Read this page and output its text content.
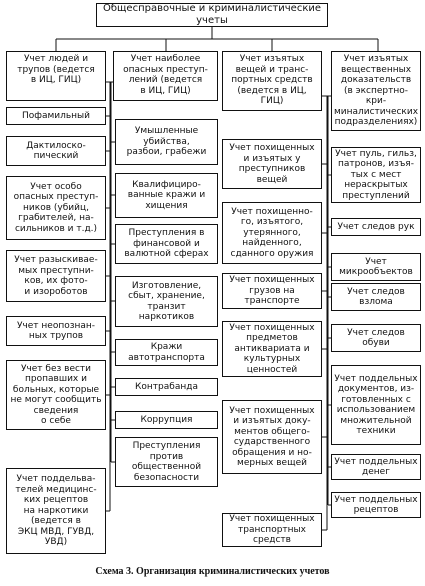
Общесправочные и криминалистические учеты
Учет людей и
трупов (ведется
в ИЦ, ГИЦ)
Пофамильный
Дактилоско-
пический
Учет особо
опасных преступ-
ников (убийц,
грабителей, на-
сильников и т.д.)
Учет разыскивае-
мых преступни-
ков, их фото-
и изороботов
Учет неопознан-
ных трупов
Учет без вести
пропавших и
больных, которые
не могут сообщить сведения
о себе
Учет поддельва-
телей медицинс-
ких рецептов
на наркотики
(ведется в
ЭКЦ МВД, ГУВД,
УВД)
Учет наиболее
опасных преступ-
лений (ведется
в ИЦ, ГИЦ)
Умышленные
убийства,
разбои, грабежи
Квалифициро-
ванные кражи и
хищения
Преступления в
финансовой и
валютной сферах
Изготовление,
сбыт, хранение,
транзит
наркотиков
Кражи
автотранспорта
Контрабанда
Коррупция
Преступления
против
общественной
безопасности
Учет изъятых
вещей и транс-
портных средств
(ведется в ИЦ,
ГИЦ)
Учет похищенных
и изъятых у
преступников
вещей
Учет похищенно-
го, изъятого,
утерянного,
найденного,
сданного оружия
Учет похищенных
грузов на
транспорте
Учет похищенных
предметов
антиквариата и
культурных
ценностей
Учет похищенных
и изъятых доку-
ментов общего-
сударственного
обращения и но-
мерных вещей
Учет похищенных
транспортных
средств
Учет изъятых
вещественных
доказательств
(в экспертно-кри-
миналистических
подразделениях)
Учет пуль, гильз,
патронов, изъя-
тых с мест
нераскрытых
преступлений
Учет следов рук
Учет
микрообъектов
Учет следов
взлома
Учет следов
обуви
Учет поддельных
документов, из-
готовленных с
использованием
множительной
техники
Учет поддельных
денег
Учет поддельных
рецептов
Схема 3. Организация криминалистических учетов
